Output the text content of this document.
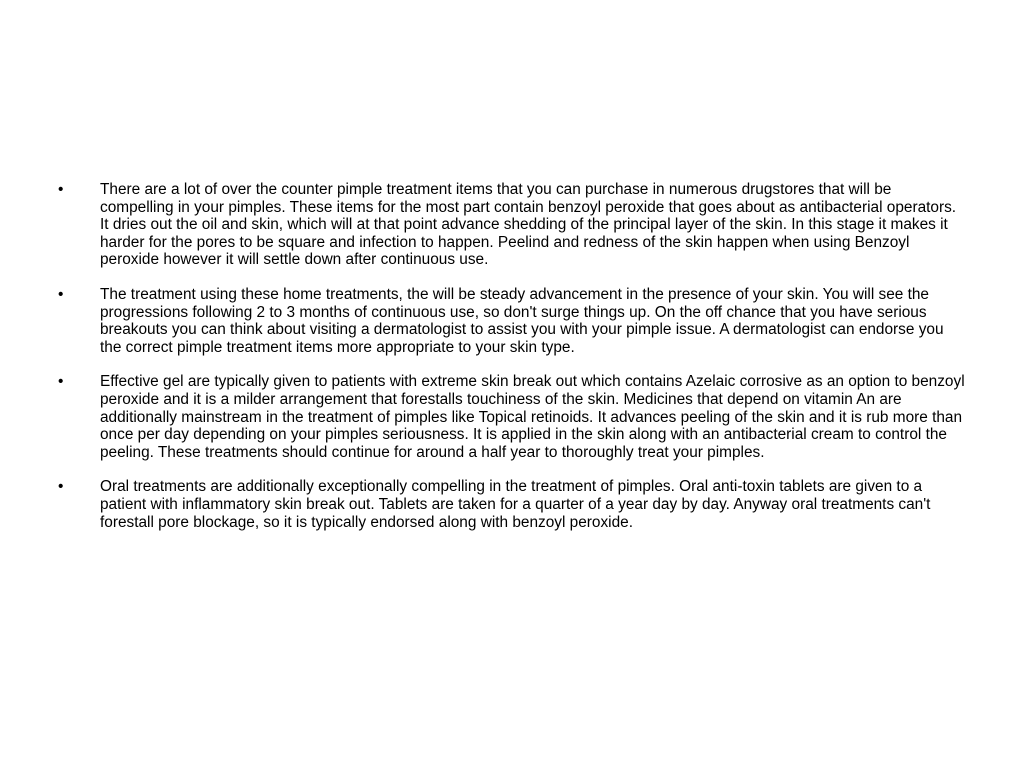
•	There are a lot of over the counter pimple treatment items that you can purchase in numerous drugstores that will be compelling in your pimples. These items for the most part contain benzoyl peroxide that goes about as antibacterial operators. It dries out the oil and skin, which will at that point advance shedding of the principal layer of the skin. In this stage it makes it harder for the pores to be square and infection to happen. Peelind and redness of the skin happen when using Benzoyl peroxide however it will settle down after continuous use.
•	The treatment using these home treatments, the will be steady advancement in the presence of your skin. You will see the progressions following 2 to 3 months of continuous use, so don't surge things up. On the off chance that you have serious breakouts you can think about visiting a dermatologist to assist you with your pimple issue. A dermatologist can endorse you the correct pimple treatment items more appropriate to your skin type.
•	Effective gel are typically given to patients with extreme skin break out which contains Azelaic corrosive as an option to benzoyl peroxide and it is a milder arrangement that forestalls touchiness of the skin. Medicines that depend on vitamin An are additionally mainstream in the treatment of pimples like Topical retinoids. It advances peeling of the skin and it is rub more than once per day depending on your pimples seriousness. It is applied in the skin along with an antibacterial cream to control the peeling. These treatments should continue for around a half year to thoroughly treat your pimples.
•	Oral treatments are additionally exceptionally compelling in the treatment of pimples. Oral anti-toxin tablets are given to a patient with inflammatory skin break out. Tablets are taken for a quarter of a year day by day. Anyway oral treatments can't forestall pore blockage, so it is typically endorsed along with benzoyl peroxide.
